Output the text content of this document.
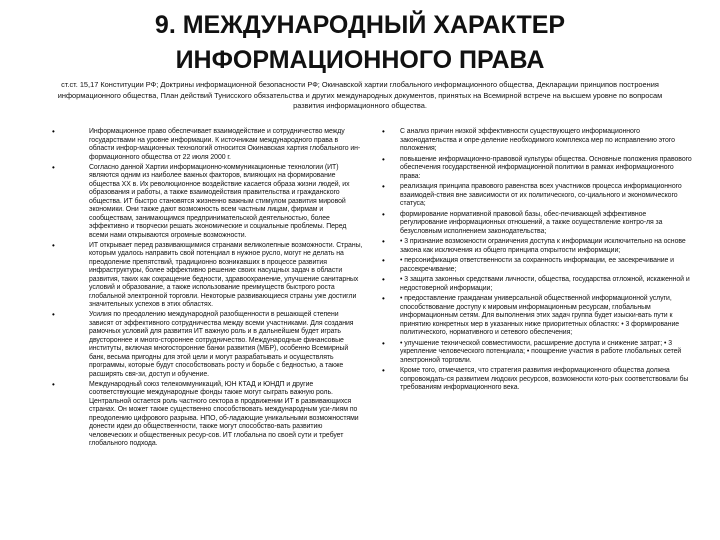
9. МЕЖДУНАРОДНЫЙ ХАРАКТЕР ИНФОРМАЦИОННОГО ПРАВА

ст.ст. 15,17 Конституции РФ; Доктрины информационной безопасности РФ; Окинавской хартии глобального информационного общества, Декларации принципов построения информационного общества, План действий Тунисского обязательства и других международных документов, принятых на Всемирной встрече на высшем уровне по вопросам развития информационного общества.

•	Информационное право обеспечивает взаимодействие и сотрудничество между государствами на уровне информации. К источникам международного права в области инфор-мационных технологий относится Окинавская хартия глобального ин-формационного общества от 22 июля 2000 г.
•	Согласно данной Хартии информационно-коммуникационные технологии (ИТ) являются одним из наиболее важных факторов, влияющих на формирование общества XX в. Их революционное воздействие касается образа жизни людей, их образования и работы, а также взаимодействия правительства и гражданского общества. ИТ быстро становятся жизненно важным стимулом развития мировой экономики. Они также дают возможность всем частным лицам, фирмам и сообществам, занимающимся предпринимательской деятельностью, более эффективно и творчески решать экономические и социальные проблемы. Перед всеми нами открываются огромные возможности.
•	ИТ открывает перед развивающимися странами великолепные возможности. Страны, которым удалось направить свой потенциал в нужное русло, могут не делать на преодоление препятствий, традиционно возникавших в процессе развития инфраструктуры, более эффективно решение своих насущных задач в области развития, таких как сокращение бедности, здравоохранение, улучшение санитарных условий и образование, а также использование преимуществ быстрого роста глобальной электронной торговли. Некоторые развивающиеся страны уже достигли значительных успехов в этих областях.
•	Усилия по преодолению международной разобщенности в решающей степени зависят от эффективного сотрудничества между всеми участниками. Для создания рамочных условий для развития ИТ важную роль и в дальнейшем будет играть двустороннее и много-стороннее сотрудничество. Международные финансовые институты, включая многосторонние банки развития (МБР), особенно Всемирный банк, весьма пригодны для этой цели и могут разрабатывать и осуществлять программы, которые будут способствовать росту и борьбе с бедностью, а также расширять свя-зи, доступ и обучение.
•	Международный союз телекоммуникаций, ЮН КТАД и ЮНДП и другие соответствующие международные фонды также могут сыграть важную роль. Центральной остается роль частного сектора в продвижении ИТ в развивающихся странах. Он может также существенно способствовать международным уси-лиям по преодолению цифрового разрыва. НПО, об-ладающие уникальными возможностями донести идеи до общественности, также могут способство-вать развитию человеческих и общественных ресур-сов. ИТ глобальна по своей сути и требует глобального подхода.
• С анализ причин низкой эффективности существующего информационного законодательства и опре-деление необходимого комплекса мер по исправлению этого положения;
• повышение информационно-правовой культуры общества. Основные положения правового обеспечения государственной информационной политики в рамках информационного права:
• реализация принципа правового равенства всех участников процесса информационного взаимодей-ствия вне зависимости от их политического, со-циального и экономического статуса;
• формирование нормативной правовой базы, обес-печивающей эффективное регулирование информационных отношений, а также осуществление контро-ля за безусловным исполнением законодательства;
• • 3 признание возможности ограничения доступа к информации исключительно на основе закона как исключения из общего принципа открытости информации;
• • персонификация ответственности за сохранность информации, ее засекречивание и рассекречивание;
• • 3 защита законных средствами личности, общества, государства отложной, искаженной и недостоверной информации;
• • предоставление гражданам универсальной общественной информационной услуги, способствование доступу к мировым информационным ресурсам, глобальным информационным сетям. Для выполнения этих задач группа будет изыски-вать пути к принятию конкретных мер в указанных ниже приоритетных областях: • 3 формирование политического, нормативного и сетевого обеспечения;
• • улучшение технической совместимости, расширение доступа и снижение затрат; • 3 укрепление человеческого потенциала; • поощрение участия в работе глобальных сетей электронной торговли.
• Кроме того, отмечается, что стратегия развития информационного общества должна сопровождать-ся развитием людских ресурсов, возможности кото-рых соответствовали бы требованиям информационного века.
